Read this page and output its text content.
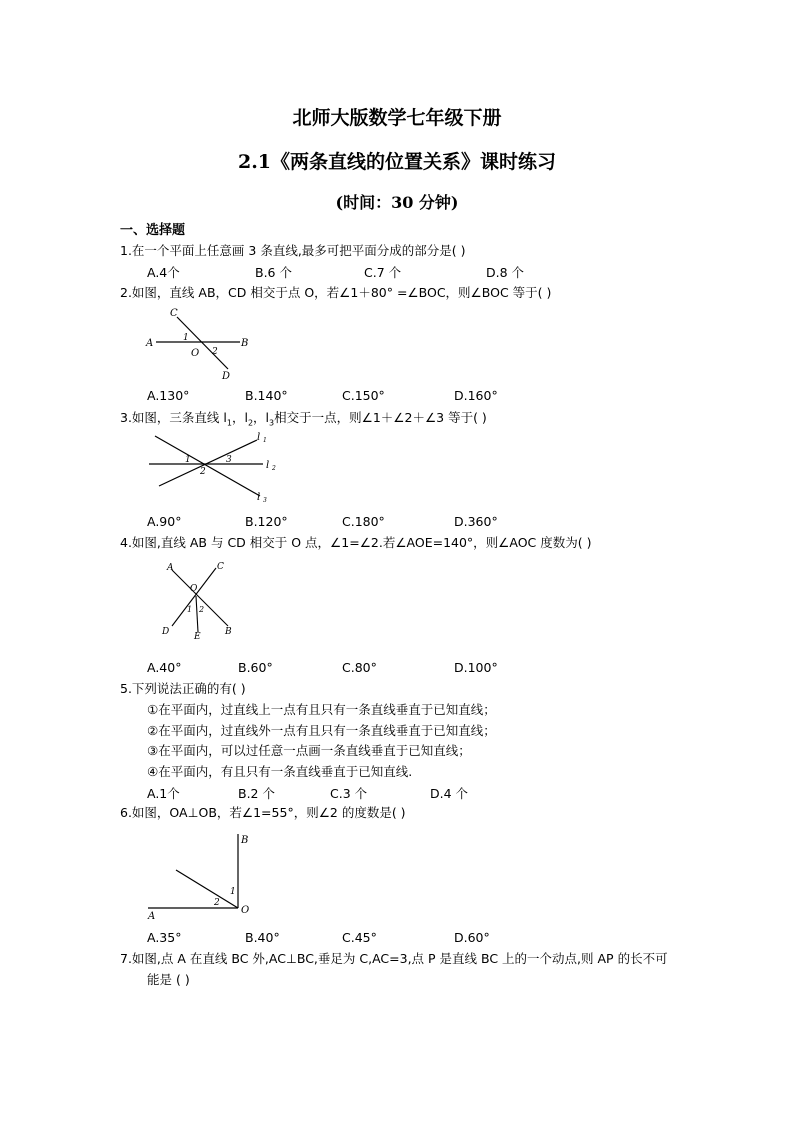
北师大版数学七年级下册
2.1《两条直线的位置关系》课时练习
(时间：30 分钟)
一、选择题
1.在一个平面上任意画 3 条直线,最多可把平面分成的部分是( )
A.4个	B.6 个	C.7 个	D.8 个
2.如图，直线 AB，CD 相交于点 O，若∠1＋80° =∠BOC，则∠BOC 等于( )
A	B
C
D
O
1
2
A.130°	B.140°	C.150°	D.160°
3.如图，三条直线 $l_1$，$l_2$，$l_3$相交于一点，则∠1＋∠2＋∠3 等于( )
l 1
l 2
l 3
1
2
3
A.90°	B.120°	C.180°	D.360°
4.如图,直线 AB 与 CD 相交于 O 点，∠1=∠2.若∠AOE=140°，则∠AOC 度数为( )
A	C
O
1 2
D	E	B
A.40°	B.60°	C.80°	D.100°
5.下列说法正确的有( )
①在平面内，过直线上一点有且只有一条直线垂直于已知直线；
②在平面内，过直线外一点有且只有一条直线垂直于已知直线；
③在平面内，可以过任意一点画一条直线垂直于已知直线；
④在平面内，有且只有一条直线垂直于已知直线.
A.1个	B.2 个	C.3 个	D.4 个
6.如图，OA⊥OB，若∠1=55°，则∠2 的度数是( )
B
A
O
1
2
A.35°	B.40°	C.45°	D.60°
7.如图,点 A 在直线 BC 外,AC⊥BC,垂足为 C,AC=3,点 P 是直线 BC 上的一个动点,则 AP 的长不可
能是 ( )
